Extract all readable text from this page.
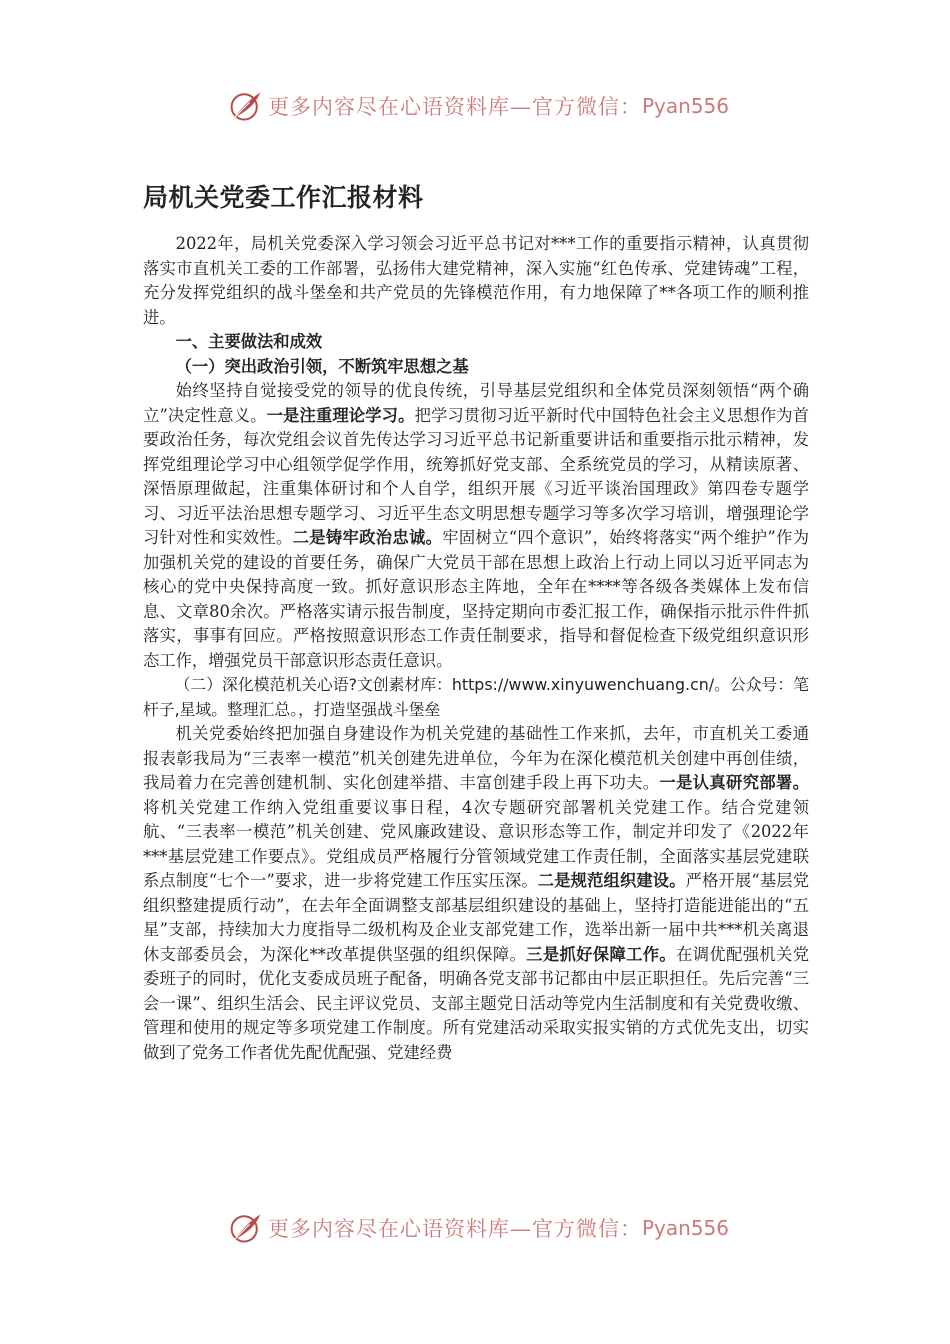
更多内容尽在心语资料库—官方微信： Pyan556
局机关党委工作汇报材料

2022年，局机关党委深入学习领会习近平总书记对***工作的重要指示精神，认真贯彻落实市直机关工委的工作部署，弘扬伟大建党精神，深入实施“红色传承、党建铸魂”工程，充分发挥党组织的战斗堡垒和共产党员的先锋模范作用，有力地保障了**各项工作的顺利推进。

一、主要做法和成效

（一）突出政治引领，不断筑牢思想之基

始终坚持自觉接受党的领导的优良传统，引导基层党组织和全体党员深刻领悟“两个确立”决定性意义。一是注重理论学习。把学习贯彻习近平新时代中国特色社会主义思想作为首要政治任务，每次党组会议首先传达学习习近平总书记新重要讲话和重要指示批示精神，发挥党组理论学习中心组领学促学作用，统筹抓好党支部、全系统党员的学习，从精读原著、深悟原理做起，注重集体研讨和个人自学，组织开展《习近平谈治国理政》第四卷专题学习、习近平法治思想专题学习、习近平生态文明思想专题学习等多次学习培训，增强理论学习针对性和实效性。二是铸牢政治忠诚。牢固树立“四个意识”，始终将落实“两个维护”作为加强机关党的建设的首要任务，确保广大党员干部在思想上政治上行动上同以习近平同志为核心的党中央保持高度一致。抓好意识形态主阵地，全年在****等各级各类媒体上发布信息、文章80余次。严格落实请示报告制度，坚持定期向市委汇报工作，确保指示批示件件抓落实，事事有回应。严格按照意识形态工作责任制要求，指导和督促检查下级党组织意识形态工作，增强党员干部意识形态责任意识。

（二）深化模范机关心语?文创素材库：https://www.xinyuwenchuang.cn/。公众号：笔杆子,星域。整理汇总。，打造坚强战斗堡垒

机关党委始终把加强自身建设作为机关党建的基础性工作来抓，去年，市直机关工委通报表彰我局为“三表率一模范”机关创建先进单位，今年为在深化模范机关创建中再创佳绩，我局着力在完善创建机制、实化创建举措、丰富创建手段上再下功夫。一是认真研究部署。将机关党建工作纳入党组重要议事日程，4次专题研究部署机关党建工作。结合党建领航、“三表率一模范”机关创建、党风廉政建设、意识形态等工作，制定并印发了《2022年***基层党建工作要点》。党组成员严格履行分管领域党建工作责任制，全面落实基层党建联系点制度“七个一”要求，进一步将党建工作压实压深。二是规范组织建设。严格开展“基层党组织整建提质行动”，在去年全面调整支部基层组织建设的基础上，坚持打造能进能出的“五星”支部，持续加大力度指导二级机构及企业支部党建工作，选举出新一届中共***机关离退休支部委员会，为深化**改革提供坚强的组织保障。三是抓好保障工作。在调优配强机关党委班子的同时，优化支委成员班子配备，明确各党支部书记都由中层正职担任。先后完善“三会一课”、组织生活会、民主评议党员、支部主题党日活动等党内生活制度和有关党费收缴、管理和使用的规定等多项党建工作制度。所有党建活动采取实报实销的方式优先支出，切实做到了党务工作者优先配优配强、党建经费

更多内容尽在心语资料库—官方微信： Pyan556
